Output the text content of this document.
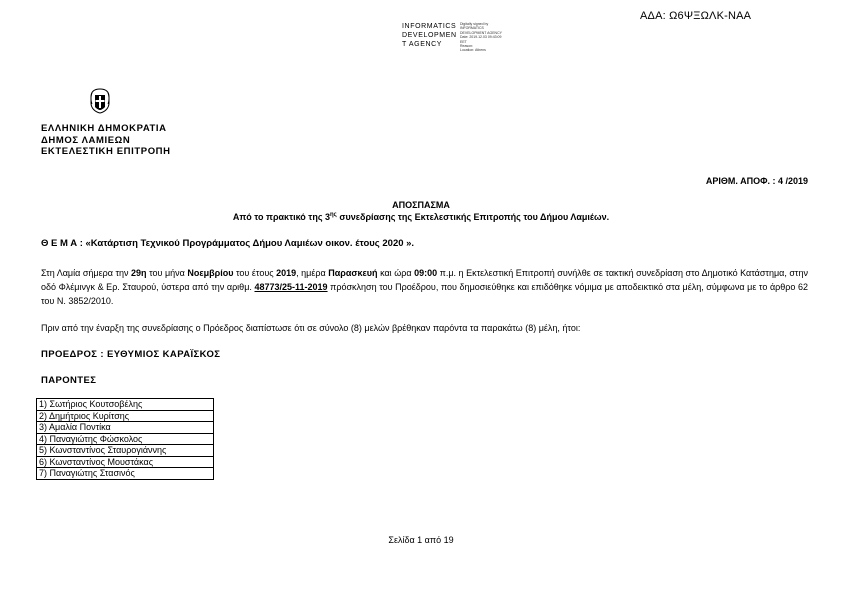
ΑΔΑ: Ω6ΨΞΩΛΚ-ΝΑΑ
INFORMATICS
DEVELOPMEN
T AGENCY
Digitally signed by
INFORMATICS
DEVELOPMENT AGENCY
Date: 2019.12.03 09:43:09
EET
Reason:
Location: Athens
ΕΛΛΗΝΙΚΗ ΔΗΜΟΚΡΑΤΙΑ
ΔΗΜΟΣ ΛΑΜΙΕΩΝ
ΕΚΤΕΛΕΣΤΙΚΗ ΕΠΙΤΡΟΠΗ
ΑΡΙΘΜ. ΑΠΟΦ. : 4 /2019
ΑΠΟΣΠΑΣΜΑ
Από το πρακτικό της $3^{\eta\varsigma}$ συνεδρίασης της Εκτελεστικής Επιτροπής του Δήμου Λαμιέων.
Θ Ε Μ Α : «Κατάρτιση Τεχνικού Προγράμματος Δήμου Λαμιέων οικον. έτους 2020 ».
Στη Λαμία σήμερα την 29η του μήνα Νοεμβρίου του έτους 2019, ημέρα Παρασκευή και ώρα 09:00 π.μ. η Εκτελεστική Επιτροπή συνήλθε σε τακτική συνεδρίαση στο Δημοτικό Κατάστημα, στην οδό Φλέμινγκ & Ερ. Σταυρού, ύστερα από την αριθμ. 48773/25-11-2019 πρόσκληση του Προέδρου, που δημοσιεύθηκε και επιδόθηκε νόμιμα με αποδεικτικό στα μέλη, σύμφωνα με το άρθρο 62 του Ν. 3852/2010.
Πριν από την έναρξη της συνεδρίασης ο Πρόεδρος διαπίστωσε ότι σε σύνολο (8) μελών βρέθηκαν παρόντα τα παρακάτω (8) μέλη, ήτοι:
ΠΡΟΕΔΡΟΣ : ΕΥΘΥΜΙΟΣ ΚΑΡΑΪΣΚΟΣ
ΠΑΡΟΝΤΕΣ
1) Σωτήριος Κουτσοβέλης
2) Δημήτριος Κυρίτσης
3) Αμαλία Ποντίκα
4) Παναγιώτης Φώσκολος
5) Κωνσταντίνος Σταυρογιάννης
6) Κωνσταντίνος Μουστάκας
7) Παναγιώτης Στασινός
Σελίδα 1 από 19
